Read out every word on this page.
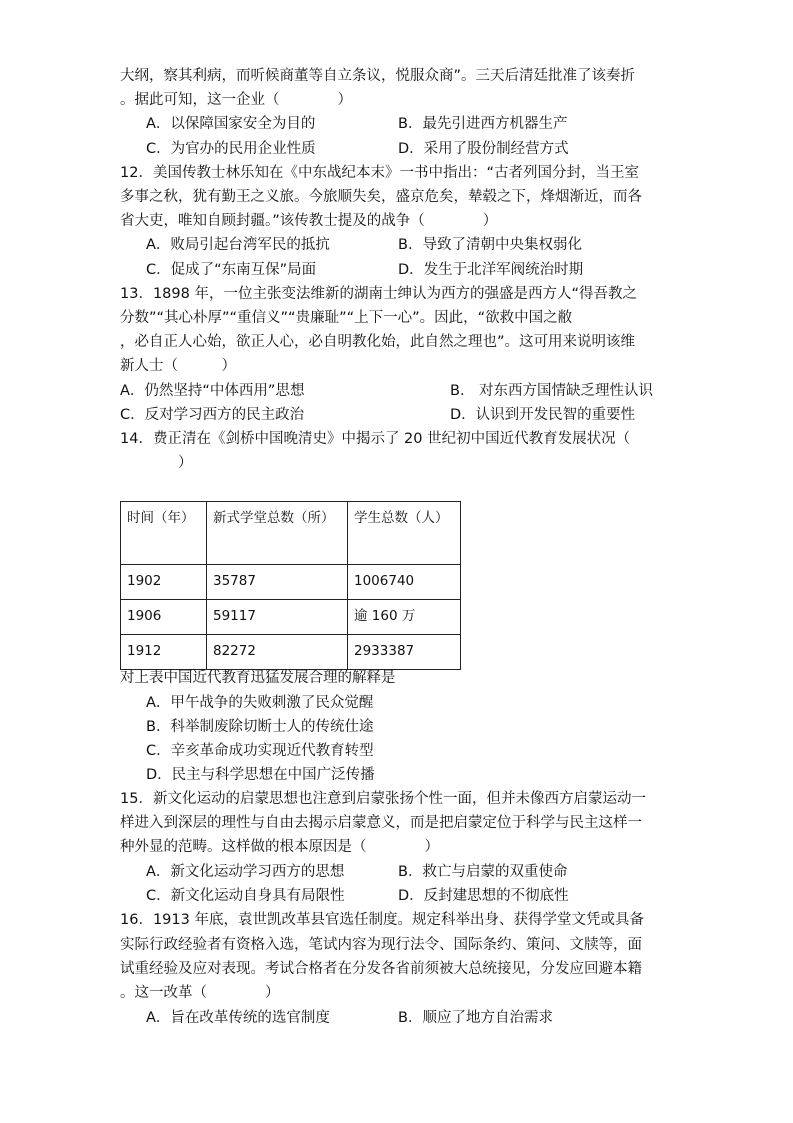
大纲，察其利病，而听候商董等自立条议，悦服众商”。三天后清廷批准了该奏折
。据此可知，这一企业（　　　　）
A．以保障国家安全为目的	B．最先引进西方机器生产
C．为官办的民用企业性质	D．采用了股份制经营方式
12．美国传教士林乐知在《中东战纪本末》一书中指出：“古者列国分封，当王室
多事之秋，犹有勤王之义旅。今旅顺失矣，盛京危矣，辇毂之下，烽烟渐近，而各
省大吏，唯知自顾封疆。”该传教士提及的战争（　　　　）
A．败局引起台湾军民的抵抗	B．导致了清朝中央集权弱化
C．促成了“东南互保”局面	D．发生于北洋军阀统治时期
13．1898 年，一位主张变法维新的湖南士绅认为西方的强盛是西方人“得吾教之
分数”“其心朴厚”“重信义”“贵廉耻”“上下一心”。因此，“欲救中国之敝
，必自正人心始，欲正人心，必自明教化始，此自然之理也”。这可用来说明该维
新人士（　　　）
A．仍然坚持“中体西用”思想	B． 对东西方国情缺乏理性认识
C．反对学习西方的民主政治	D．认识到开发民智的重要性
14．费正清在《剑桥中国晚清史》中揭示了 20 世纪初中国近代教育发展状况（
　　　　）
时间（年）	新式学堂总数（所）	学生总数（人）
1902	35787	1006740
1906	59117	逾 160 万
1912	82272	2933387
对上表中国近代教育迅猛发展合理的解释是
A．甲午战争的失败刺激了民众觉醒
B．科举制废除切断士人的传统仕途
C．辛亥革命成功实现近代教育转型
D．民主与科学思想在中国广泛传播
15．新文化运动的启蒙思想也注意到启蒙张扬个性一面，但并未像西方启蒙运动一
样进入到深层的理性与自由去揭示启蒙意义，而是把启蒙定位于科学与民主这样一
种外显的范畴。这样做的根本原因是（　　　　）
A．新文化运动学习西方的思想	B．救亡与启蒙的双重使命
C．新文化运动自身具有局限性	D．反封建思想的不彻底性
16．1913 年底，袁世凯改革县官选任制度。规定科举出身、获得学堂文凭或具备
实际行政经验者有资格入选，笔试内容为现行法令、国际条约、策问、文牍等，面
试重经验及应对表现。考试合格者在分发各省前须被大总统接见，分发应回避本籍
。这一改革（　　　　）
A．旨在改革传统的选官制度	B．顺应了地方自治需求
